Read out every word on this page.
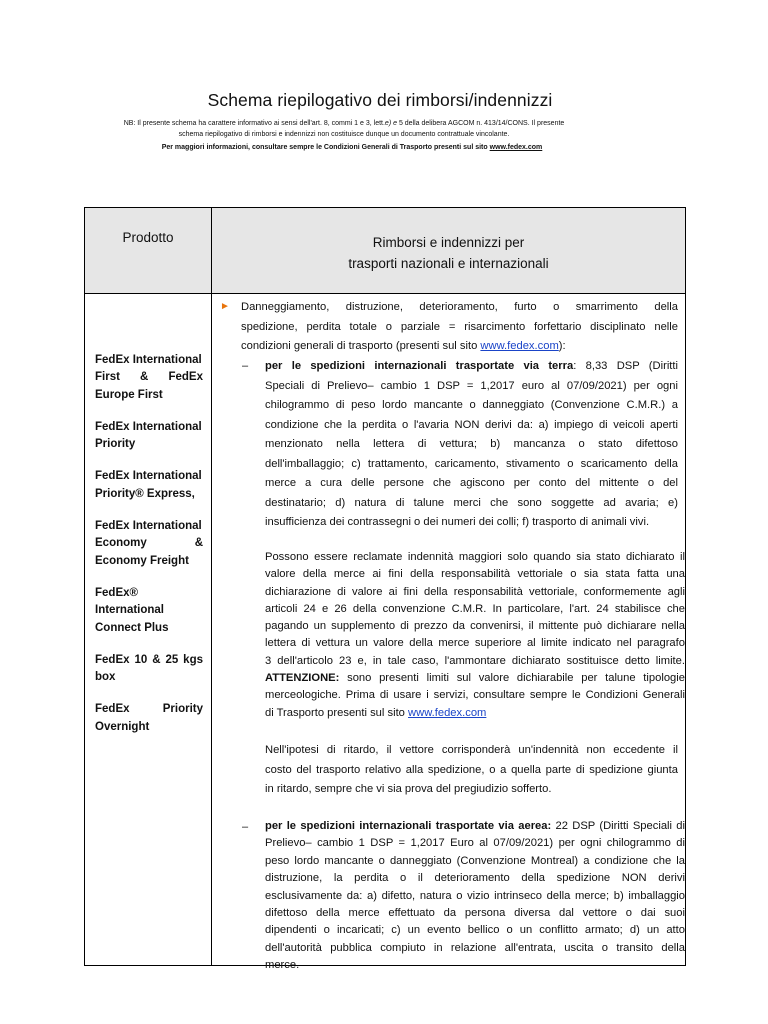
Schema riepilogativo dei rimborsi/indennizzi
NB: Il presente schema ha carattere informativo ai sensi dell'art. 8, commi 1 e 3, lett.e) e 5 della delibera AGCOM n. 413/14/CONS. Il presente
schema riepilogativo di rimborsi e indennizzi non costituisce dunque un documento contrattuale vincolante.
Per maggiori informazioni, consultare sempre le Condizioni Generali di Trasporto presenti sul sito www.fedex.com
Prodotto	Rimborsi e indennizzi per
trasporti nazionali e internazionali
FedEx International
First & FedEx
Europe First
FedEx International
Priority
FedEx International
Priority® Express,
FedEx International
Economy &
Economy Freight
FedEx®
International
Connect Plus
FedEx 10 & 25 kgs
box
FedEx Priority
Overnight
► Danneggiamento, distruzione, deterioramento, furto o smarrimento della
spedizione, perdita totale o parziale = risarcimento forfettario disciplinato nelle
condizioni generali di trasporto (presenti sul sito www.fedex.com):
– per le spedizioni internazionali trasportate via terra: 8,33 DSP (Diritti
Speciali di Prelievo– cambio 1 DSP = 1,2017 euro al 07/09/2021) per ogni
chilogrammo di peso lordo mancante o danneggiato (Convenzione C.M.R.) a
condizione che la perdita o l'avaria NON derivi da: a) impiego di veicoli aperti
menzionato nella lettera di vettura; b) mancanza o stato difettoso
dell'imballaggio; c) trattamento, caricamento, stivamento o scaricamento della
merce a cura delle persone che agiscono per conto del mittente o del
destinatario; d) natura di talune merci che sono soggette ad avaria; e)
insufficienza dei contrassegni o dei numeri dei colli; f) trasporto di animali vivi.
Possono essere reclamate indennità maggiori solo quando sia stato dichiarato il
valore della merce ai fini della responsabilità vettoriale o sia stata fatta una
dichiarazione di valore ai fini della responsabilità vettoriale, conformemente agli
articoli 24 e 26 della convenzione C.M.R. In particolare, l'art. 24 stabilisce che
pagando un supplemento di prezzo da convenirsi, il mittente può dichiarare nella
lettera di vettura un valore della merce superiore al limite indicato nel paragrafo
3 dell'articolo 23 e, in tale caso, l'ammontare dichiarato sostituisce detto limite.
ATTENZIONE: sono presenti limiti sul valore dichiarabile per talune tipologie
merceologiche. Prima di usare i servizi, consultare sempre le Condizioni Generali
di Trasporto presenti sul sito www.fedex.com
Nell'ipotesi di ritardo, il vettore corrisponderà un'indennità non eccedente il
costo del trasporto relativo alla spedizione, o a quella parte di spedizione giunta
in ritardo, sempre che vi sia prova del pregiudizio sofferto.
– per le spedizioni internazionali trasportate via aerea: 22 DSP (Diritti Speciali di
Prelievo– cambio 1 DSP = 1,2017 Euro al 07/09/2021) per ogni chilogrammo di
peso lordo mancante o danneggiato (Convenzione Montreal) a condizione che la
distruzione, la perdita o il deterioramento della spedizione NON derivi
esclusivamente da: a) difetto, natura o vizio intrinseco della merce; b) imballaggio
difettoso della merce effettuato da persona diversa dal vettore o dai suoi
dipendenti o incaricati; c) un evento bellico o un conflitto armato; d) un atto
dell'autorità pubblica compiuto in relazione all'entrata, uscita o transito della
merce.
